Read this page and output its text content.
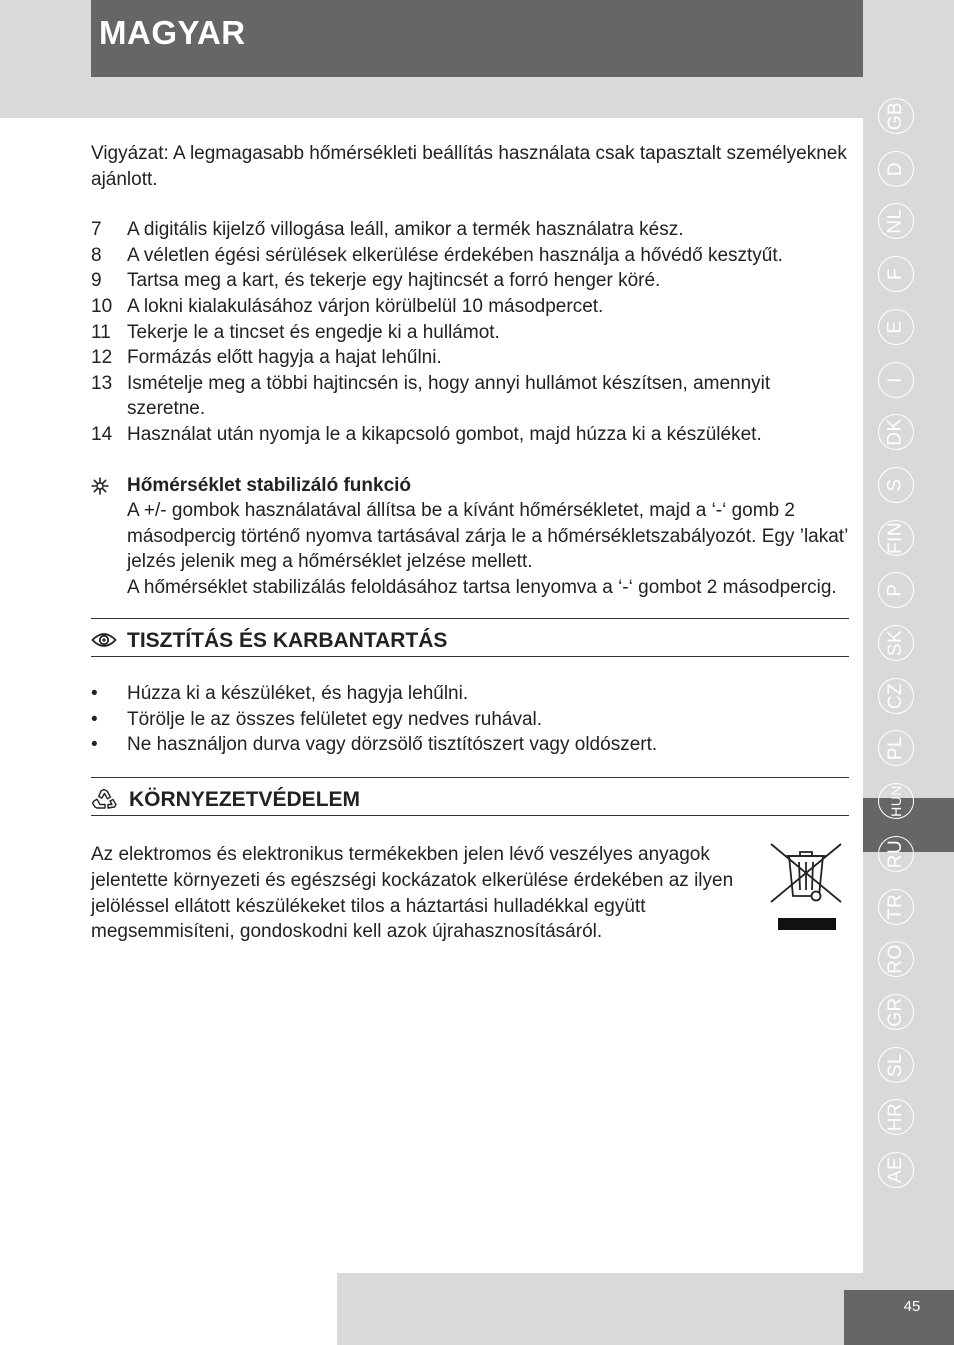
MAGYAR
GB
D
NL
F
E
I
DK
S
FIN
P
SK
CZ
PL
HUN
RU
TR
RO
GR
SL
HR
AE

Vigyázat: A legmagasabb hőmérsékleti beállítás használata csak tapasztalt személyeknek ajánlott.

7	A digitális kijelző villogása leáll, amikor a termék használatra kész.
8	A véletlen égési sérülések elkerülése érdekében használja a hővédő kesztyűt.
9	Tartsa meg a kart, és tekerje egy hajtincsét a forró henger köré.
10 A lokni kialakulásához várjon körülbelül 10 másodpercet.
11 Tekerje le a tincset és engedje ki a hullámot.
12 Formázás előtt hagyja a hajat lehűlni.
13 Ismételje meg a többi hajtincsén is, hogy annyi hullámot készítsen, amennyit szeretne.
14 Használat után nyomja le a kikapcsoló gombot, majd húzza ki a készüléket.
Hőmérséklet stabilizáló funkció
A +/- gombok használatával állítsa be a kívánt hőmérsékletet, majd a ‘-‘ gomb 2 másodpercig történő nyomva tartásával zárja le a hőmérsékletszabályozót. Egy ’lakat’ jelzés jelenik meg a hőmérséklet jelzése mellett.
A hőmérséklet stabilizálás feloldásához tartsa lenyomva a ‘-‘ gombot 2 másodpercig.
TISZTÍTÁS ÉS KARBANTARTÁS
•	Húzza ki a készüléket, és hagyja lehűlni.
•	Törölje le az összes felületet egy nedves ruhával.
•	Ne használjon durva vagy dörzsölő tisztítószert vagy oldószert.
KÖRNYEZETVÉDELEM

Az elektromos és elektronikus termékekben jelen lévő veszélyes anyagok jelentette környezeti és egészségi kockázatok elkerülése érdekében az ilyen jelöléssel ellátott készülékeket tilos a háztartási hulladékkal együtt megsemmisíteni, gondoskodni kell azok újrahasznosításáról.

45
